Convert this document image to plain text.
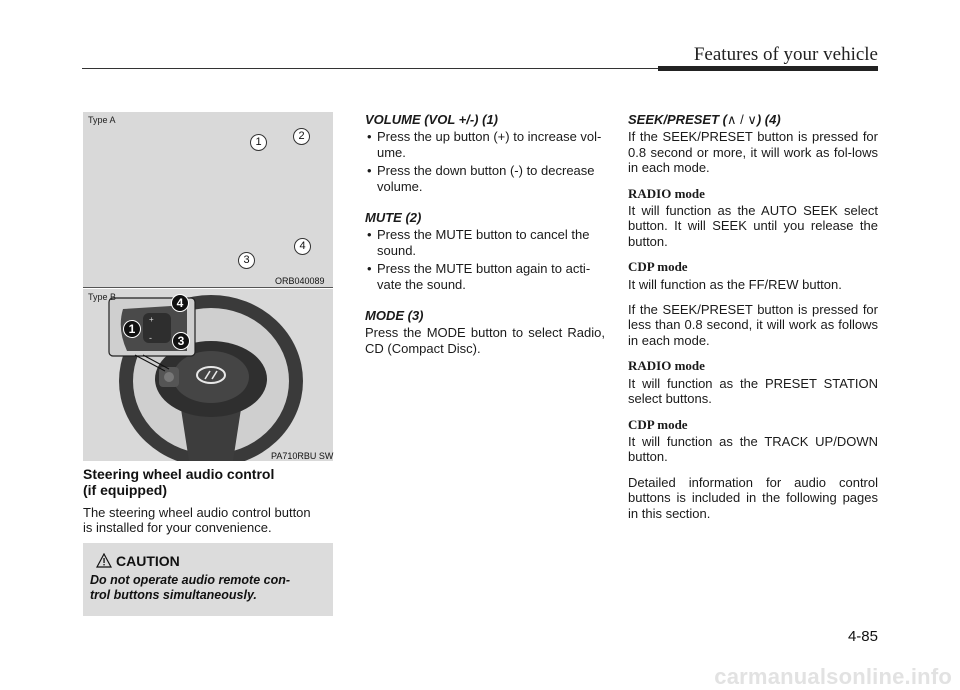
Features of your vehicle
Type A
1	2
3
4
ORB040089
+
-
Type B	4
1
3
PA710RBU SW
Steering wheel audio control
(if equipped)
The steering wheel audio control button
is installed for your convenience.
CAUTION
Do not operate audio remote con-
trol buttons simultaneously.
VOLUME (VOL +/-) (1)
• Press the up button (+) to increase vol-ume.
• Press the down button (-) to decrease volume.
MUTE (2)
• Press the MUTE button to cancel the sound.
• Press the MUTE button again to acti-vate the sound.
MODE (3)

Press the MODE button to select Radio, CD (Compact Disc).

SEEK/PRESET (∧ / ∨) (4)

If the SEEK/PRESET button is pressed for 0.8 second or more, it will work as fol-lows in each mode.

RADIO mode

It will function as the AUTO SEEK select button. It will SEEK until you release the button.

CDP mode

It will function as the FF/REW button.

If the SEEK/PRESET button is pressed for less than 0.8 second, it will work as follows in each mode.

RADIO mode

It will function as the PRESET STATION select buttons.

CDP mode

It will function as the TRACK UP/DOWN button.

Detailed information for audio control buttons is included in the following pages in this section.

4-85
carmanualsonline.info
